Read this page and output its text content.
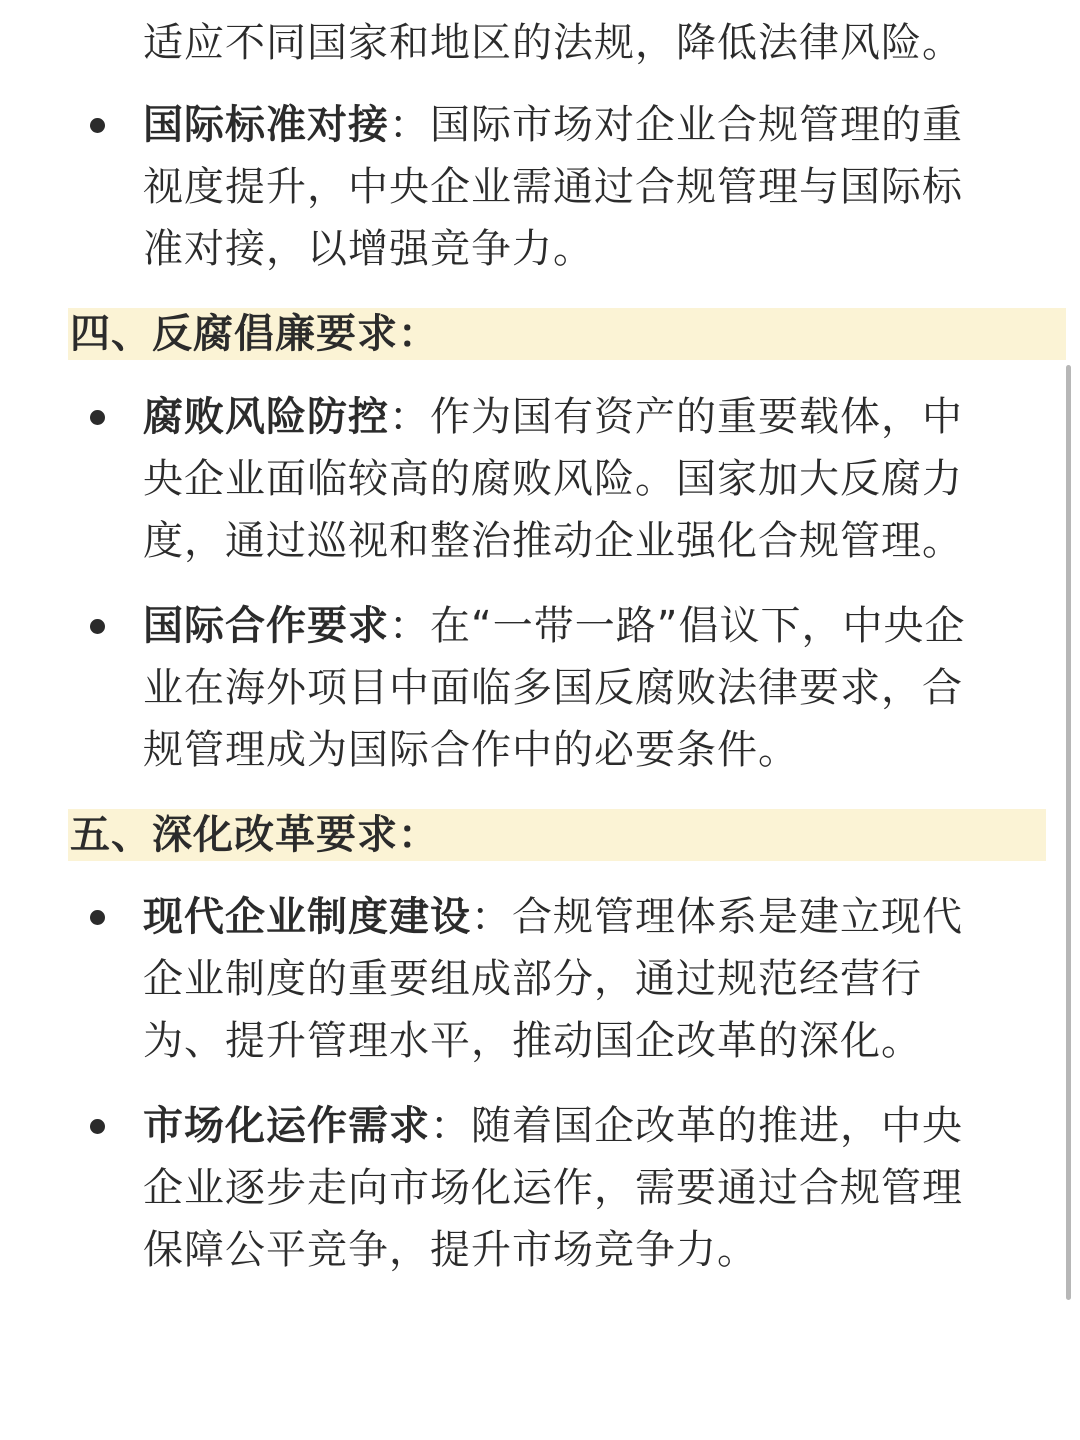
适应不同国家和地区的法规，降低法律风险。
国际标准对接：国际市场对企业合规管理的重
视度提升，中央企业需通过合规管理与国际标
准对接，以增强竞争力。
四、反腐倡廉要求：
腐败风险防控：作为国有资产的重要载体，中
央企业面临较高的腐败风险。国家加大反腐力
度，通过巡视和整治推动企业强化合规管理。
国际合作要求：在“一带一路”倡议下，中央企
业在海外项目中面临多国反腐败法律要求，合
规管理成为国际合作中的必要条件。
五、深化改革要求：
现代企业制度建设：合规管理体系是建立现代
企业制度的重要组成部分，通过规范经营行
为、提升管理水平，推动国企改革的深化。
市场化运作需求：随着国企改革的推进，中央
企业逐步走向市场化运作，需要通过合规管理
保障公平竞争，提升市场竞争力。
